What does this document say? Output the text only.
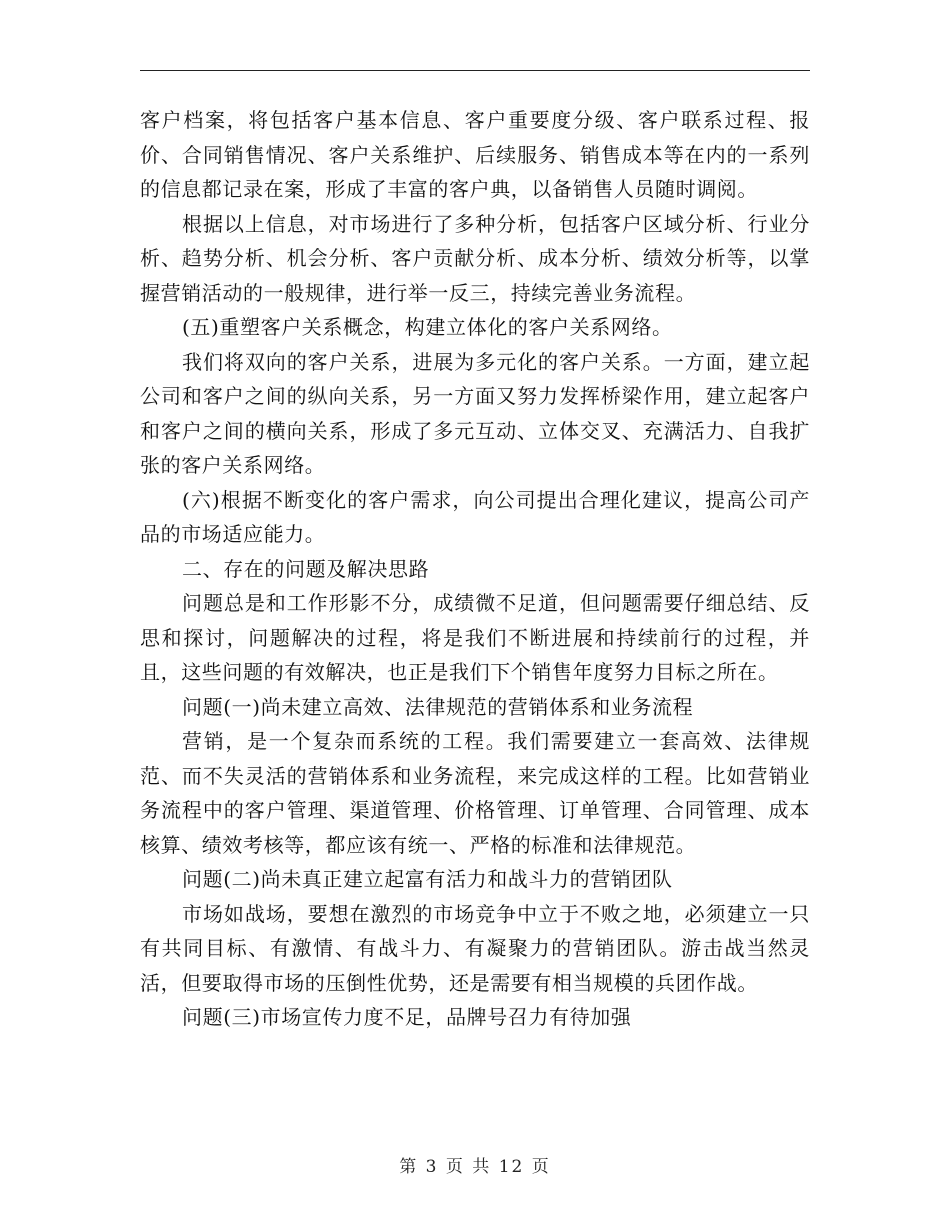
客户档案，将包括客户基本信息、客户重要度分级、客户联系过程、报价、合同销售情况、客户关系维护、后续服务、销售成本等在内的一系列的信息都记录在案，形成了丰富的客户典，以备销售人员随时调阅。

根据以上信息，对市场进行了多种分析，包括客户区域分析、行业分析、趋势分析、机会分析、客户贡献分析、成本分析、绩效分析等，以掌握营销活动的一般规律，进行举一反三，持续完善业务流程。

(五)重塑客户关系概念，构建立体化的客户关系网络。

我们将双向的客户关系，进展为多元化的客户关系。一方面，建立起公司和客户之间的纵向关系，另一方面又努力发挥桥梁作用，建立起客户和客户之间的横向关系，形成了多元互动、立体交叉、充满活力、自我扩张的客户关系网络。

(六)根据不断变化的客户需求，向公司提出合理化建议，提高公司产品的市场适应能力。

二、存在的问题及解决思路

问题总是和工作形影不分，成绩微不足道，但问题需要仔细总结、反思和探讨，问题解决的过程，将是我们不断进展和持续前行的过程，并且，这些问题的有效解决，也正是我们下个销售年度努力目标之所在。

问题(一)尚未建立高效、法律规范的营销体系和业务流程

营销，是一个复杂而系统的工程。我们需要建立一套高效、法律规范、而不失灵活的营销体系和业务流程，来完成这样的工程。比如营销业务流程中的客户管理、渠道管理、价格管理、订单管理、合同管理、成本核算、绩效考核等，都应该有统一、严格的标准和法律规范。

问题(二)尚未真正建立起富有活力和战斗力的营销团队

市场如战场，要想在激烈的市场竞争中立于不败之地，必须建立一只有共同目标、有激情、有战斗力、有凝聚力的营销团队。游击战当然灵活，但要取得市场的压倒性优势，还是需要有相当规模的兵团作战。

问题(三)市场宣传力度不足，品牌号召力有待加强

第 3 页 共 12 页
